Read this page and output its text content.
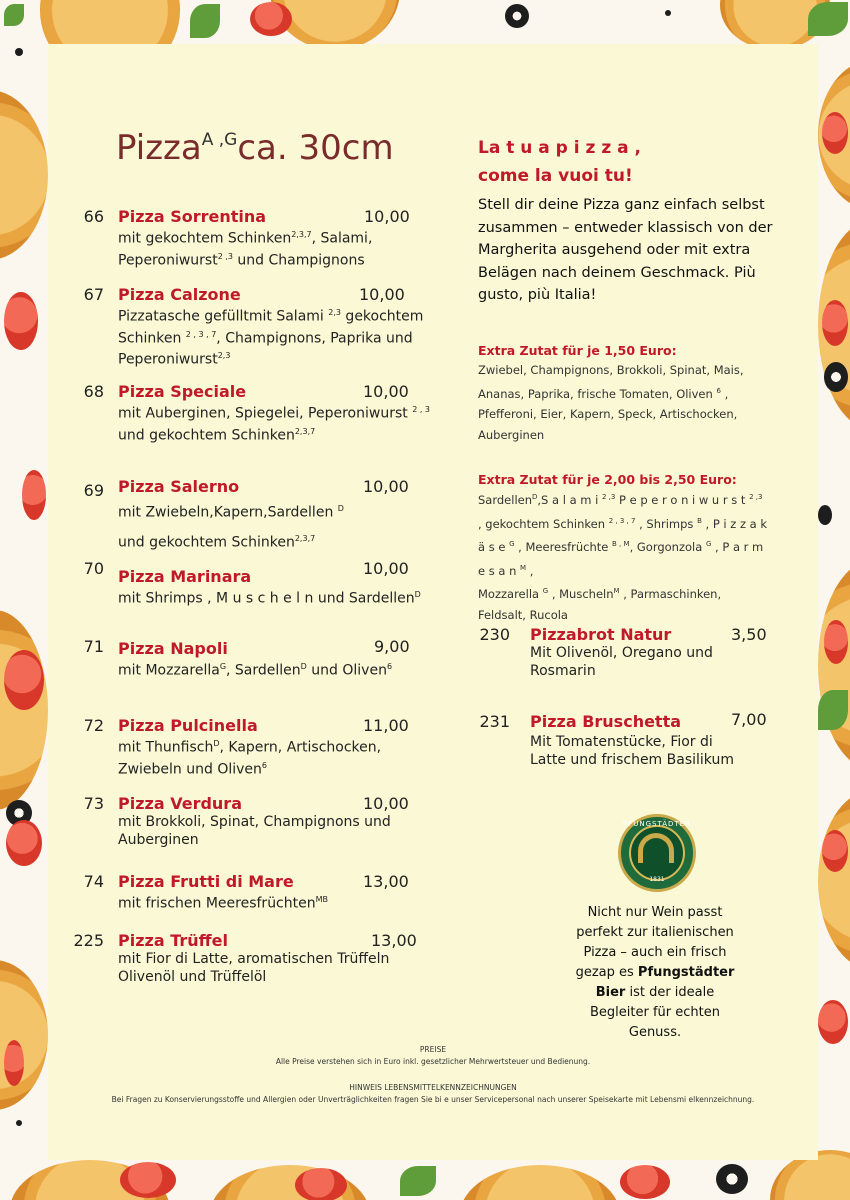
Pizza$^{A ,G}$ca. 30cm
66 Pizza Sorrentina	10,00
mit gekochtem Schinken$^{2,3,7}$, Salami, Peperoniwurst$^{2 ,3}$ und Champignons
67 Pizza Calzone	10,00
Pizzatasche gefülltmit Salami $^{2,3}$ gekochtem Schinken $^{2 , 3 , 7}$, Champignons, Paprika und Peperoniwurst$^{2,3}$
68 Pizza Speciale	10,00
mit Auberginen, Spiegelei, Peperoniwurst $^{2 , 3}$ und gekochtem Schinken$^{2,3,7}$
69 Pizza Salerno	10,00
mit Zwiebeln,Kapern,Sardellen $^D$
und gekochtem Schinken$^{2,3,7}$
70 Pizza Marinara	10,00
mit Shrimps , M u s c h e l n und Sardellen$^D$
71 Pizza Napoli	9,00
mit Mozzarella$^G$, Sardellen$^D$ und Oliven$^6$
72 Pizza Pulcinella	11,00
mit Thunfisch$^D$, Kapern, Artischocken, Zwiebeln und Oliven$^6$
73 Pizza Verdura	10,00
mit Brokkoli, Spinat, Champignons und Auberginen
74 Pizza Frutti di Mare	13,00
mit frischen Meeresfrüchten$^{MB}$
225 Pizza Trüffel	13,00
mit Fior di Latte, aromatischen Trüffeln Olivenöl und Trüffelöl
La t u a p i z z a ,
come la vuoi tu!
Stell dir deine Pizza ganz einfach selbst zusammen – entweder klassisch von der Margherita ausgehend oder mit extra Belägen nach deinem Geschmack. Più gusto, più Italia!
Extra Zutat für je 1,50 Euro:
Zwiebel, Champignons, Brokkoli, Spinat, Mais, Ananas, Paprika, frische Tomaten, Oliven $^6$ , Pfefferoni, Eier, Kapern, Speck, Artischocken, Auberginen
Extra Zutat für je 2,00 bis 2,50 Euro:
Sardellen$^D$,S a l a m i $^{2 ,3}$ P e p e r o n i w u r s t $^{2 ,3}$ , gekochtem Schinken $^{2 , 3 , 7}$ , Shrimps $^B$ , P i z z a k ä s e $^G$ , Meeresfrüchte $^{B , M}$, Gorgonzola $^G$ , P a r m e s a n $^M$ ,
Mozzarella $^G$ , Muscheln$^M$ , Parmaschinken, Feldsalt, Rucola
230 Pizzabrot Natur	3,50
Mit Olivenöl, Oregano und Rosmarin
231 Pizza Bruschetta	7,00
Mit Tomatenstücke, Fior di Latte und frischem Basilikum
PFUNGSTÄDTER
1831
Nicht nur Wein passt perfekt zur italienischen Pizza – auch ein frisch gezap es Pfungstädter Bier ist der ideale Begleiter für echten Genuss.
PREISE
Alle Preise verstehen sich in Euro inkl. gesetzlicher Mehrwertsteuer und Bedienung.
HINWEIS LEBENSMITTELKENNZEICHNUNGEN
Bei Fragen zu Konservierungsstoffe und Allergien oder Unverträglichkeiten fragen Sie bi e unser Servicepersonal nach unserer Speisekarte mit Lebensmi elkennzeichnung.
